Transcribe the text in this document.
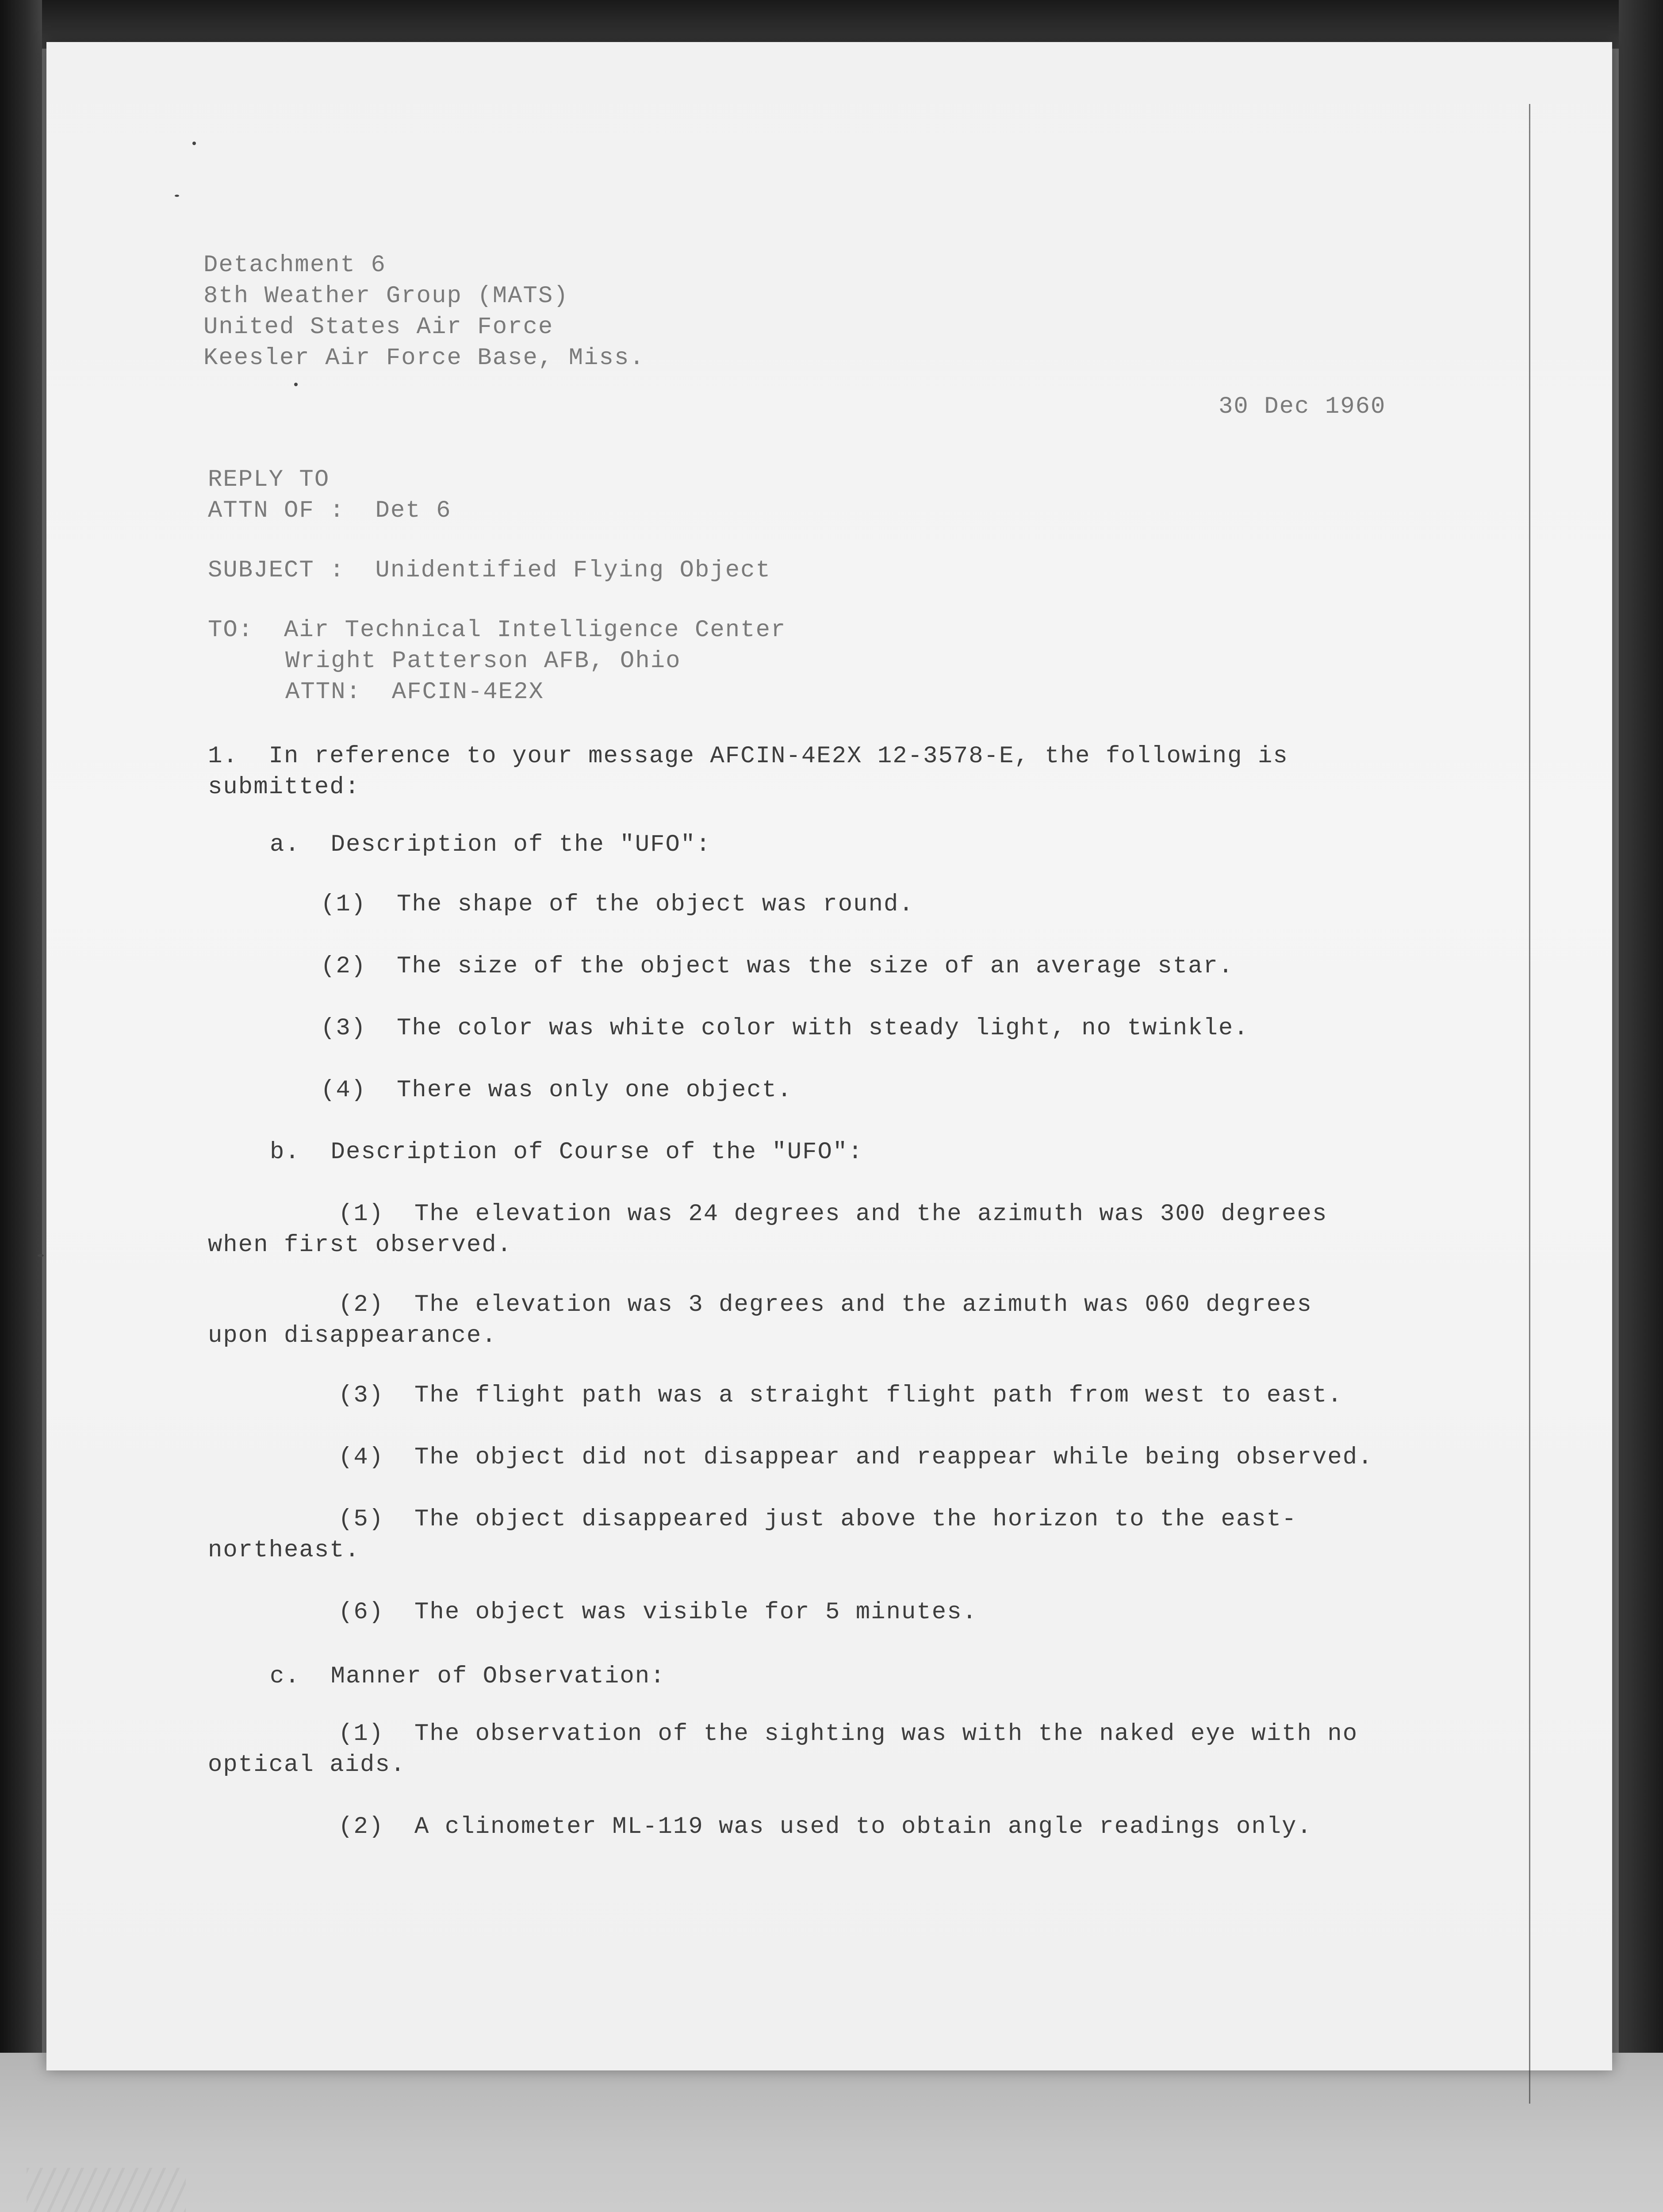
Detachment 6
8th Weather Group (MATS)
United States Air Force
Keesler Air Force Base, Miss.
30 Dec 1960
REPLY TO
ATTN OF :  Det 6
SUBJECT :  Unidentified Flying Object
TO:  Air Technical Intelligence Center
Wright Patterson AFB, Ohio
ATTN:  AFCIN-4E2X
1.  In reference to your message AFCIN-4E2X 12-3578-E, the following is
submitted:
a.  Description of the "UFO":
(1)  The shape of the object was round.
(2)  The size of the object was the size of an average star.
(3)  The color was white color with steady light, no twinkle.
(4)  There was only one object.
b.  Description of Course of the "UFO":
(1)  The elevation was 24 degrees and the azimuth was 300 degrees
when first observed.
(2)  The elevation was 3 degrees and the azimuth was 060 degrees
upon disappearance.
(3)  The flight path was a straight flight path from west to east.
(4)  The object did not disappear and reappear while being observed.
(5)  The object disappeared just above the horizon to the east-
northeast.
(6)  The object was visible for 5 minutes.
c.  Manner of Observation:
(1)  The observation of the sighting was with the naked eye with no
optical aids.
(2)  A clinometer ML-119 was used to obtain angle readings only.
